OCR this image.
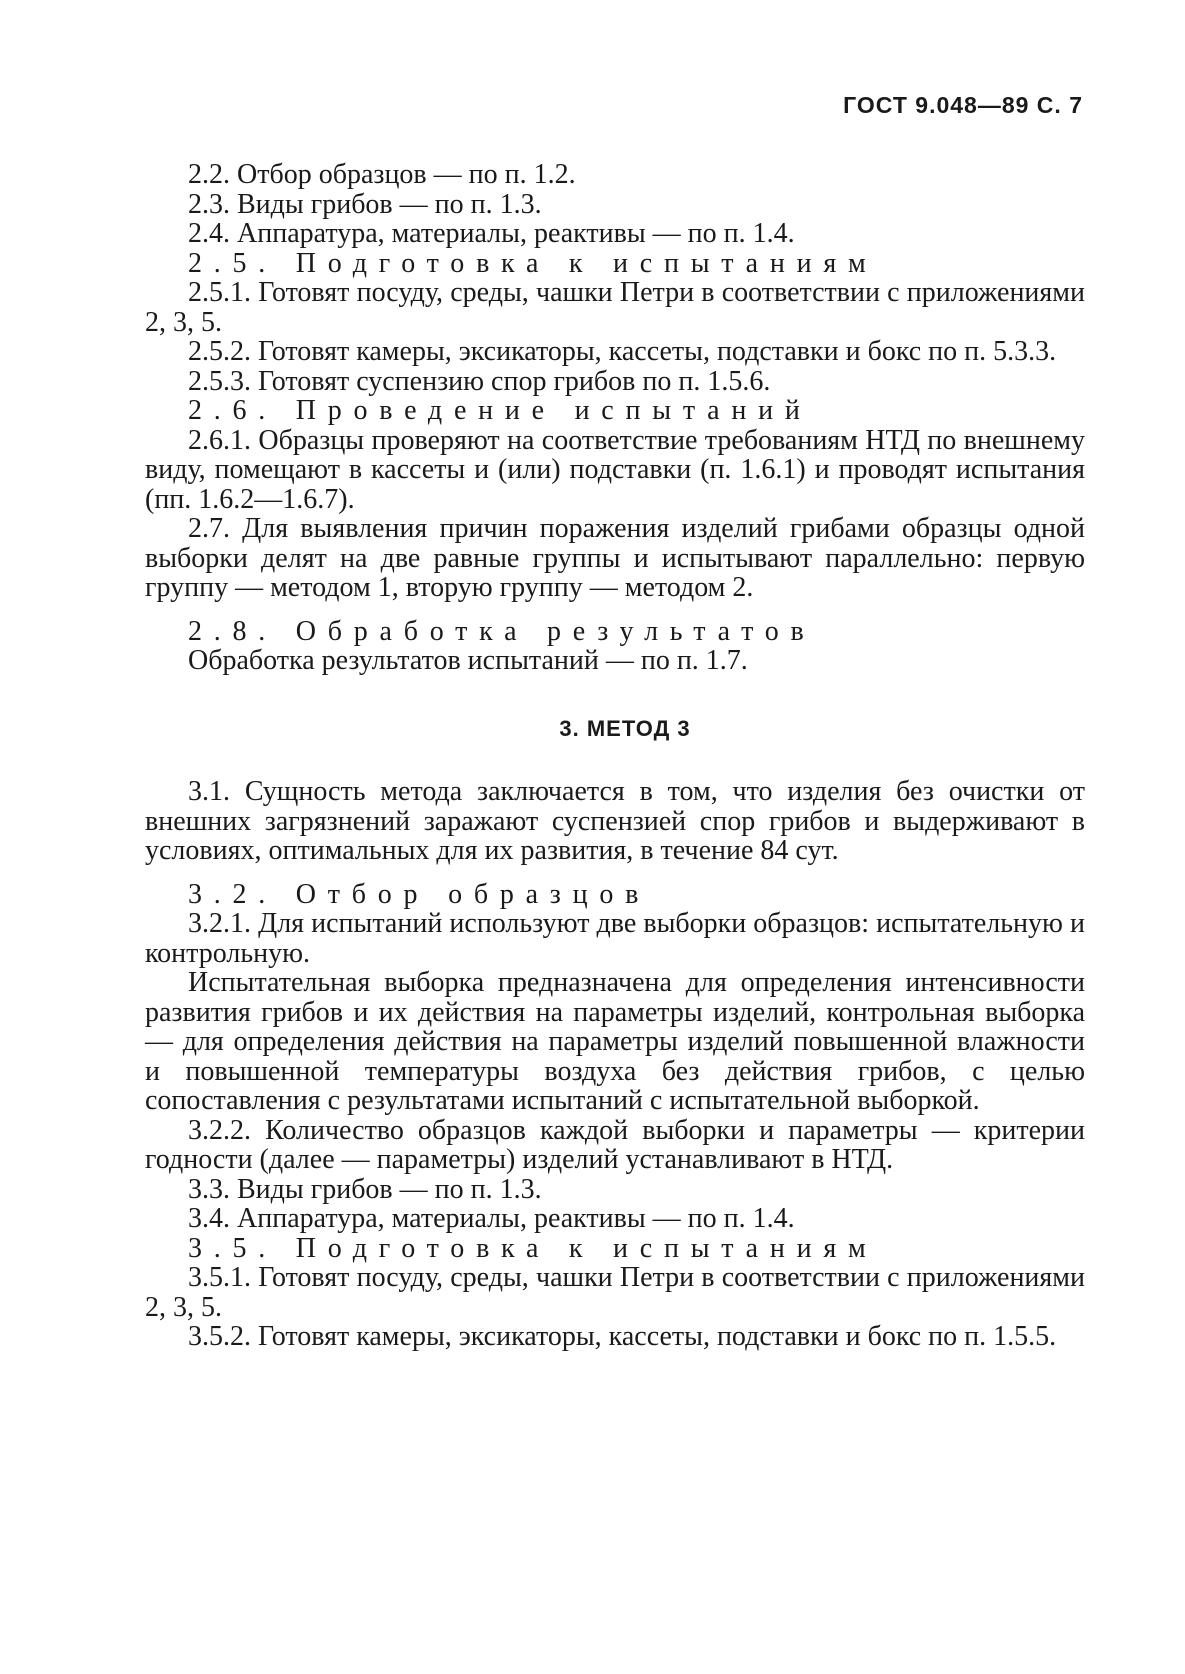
ГОСТ 9.048—89 С. 7

2.2. Отбор образцов — по п. 1.2.

2.3. Виды грибов — по п. 1.3.

2.4. Аппаратура, материалы, реактивы — по п. 1.4.

2.5. Подготовка к испытаниям

2.5.1. Готовят посуду, среды, чашки Петри в соответствии с приложениями 2, 3, 5.

2.5.2. Готовят камеры, эксикаторы, кассеты, подставки и бокс по п. 5.3.3.

2.5.3. Готовят суспензию спор грибов по п. 1.5.6.

2.6. Проведение испытаний

2.6.1. Образцы проверяют на соответствие требованиям НТД по внешнему виду, помещают в кассеты и (или) подставки (п. 1.6.1) и проводят испытания (пп. 1.6.2—1.6.7).

2.7. Для выявления причин поражения изделий грибами образцы одной выборки делят на две равные группы и испытывают параллельно: первую группу — методом 1, вторую группу — методом 2.

2.8. Обработка результатов

Обработка результатов испытаний — по п. 1.7.

3. МЕТОД 3

3.1. Сущность метода заключается в том, что изделия без очистки от внешних загрязнений заражают суспензией спор грибов и выдерживают в условиях, оптимальных для их развития, в течение 84 сут.

3.2. Отбор образцов

3.2.1. Для испытаний используют две выборки образцов: испытательную и контрольную.

Испытательная выборка предназначена для определения интенсивности развития грибов и их действия на параметры изделий, контрольная выборка — для определения действия на параметры изделий повышенной влажности и повышенной температуры воздуха без действия грибов, с целью сопоставления с результатами испытаний с испытательной выборкой.

3.2.2. Количество образцов каждой выборки и параметры — критерии годности (далее — параметры) изделий устанавливают в НТД.

3.3. Виды грибов — по п. 1.3.

3.4. Аппаратура, материалы, реактивы — по п. 1.4.

3.5. Подготовка к испытаниям

3.5.1. Готовят посуду, среды, чашки Петри в соответствии с приложениями 2, 3, 5.

3.5.2. Готовят камеры, эксикаторы, кассеты, подставки и бокс по п. 1.5.5.
